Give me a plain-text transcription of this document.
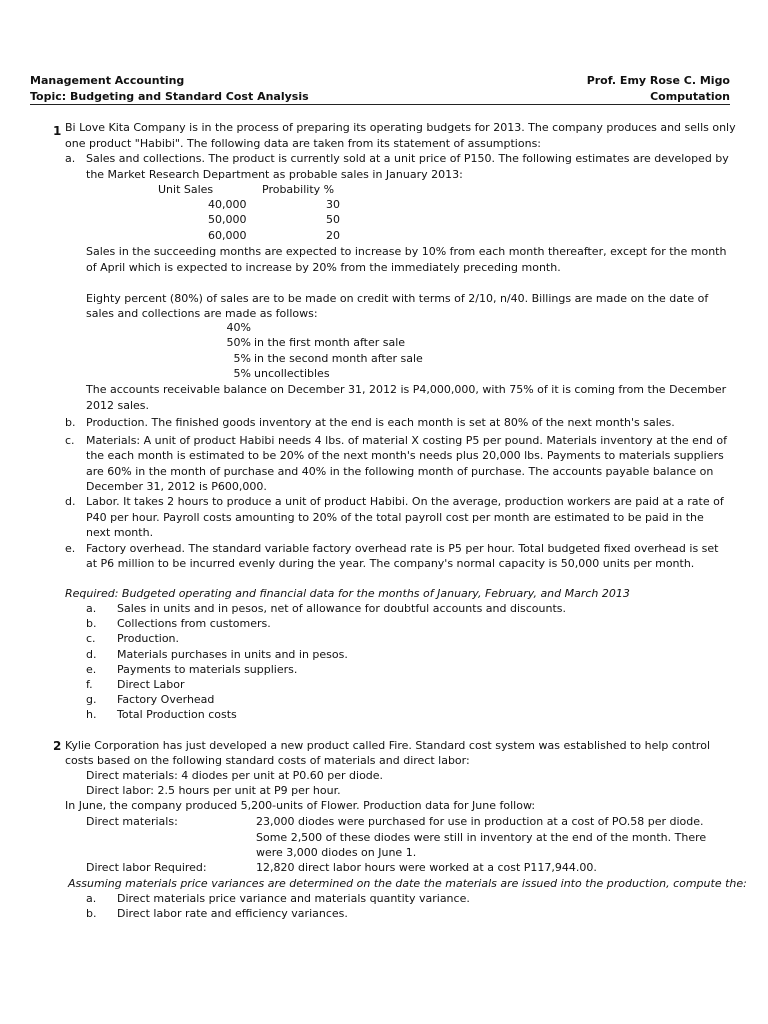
Management Accounting
Topic: Budgeting and Standard Cost Analysis
Prof. Emy Rose C. Migo
Computation
1 Bi Love Kita Company is in the process of preparing its operating budgets for 2013. The company produces and sells only
one product "Habibi". The following data are taken from its statement of assumptions:
a. Sales and collections. The product is currently sold at a unit price of P150. The following estimates are developed by
the Market Research Department as probable sales in January 2013:
Unit Sales	Probability %
40,000	30
50,000	50
60,000	20
Sales in the succeeding months are expected to increase by 10% from each month thereafter, except for the month
of April which is expected to increase by 20% from the immediately preceding month.
Eighty percent (80%) of sales are to be made on credit with terms of 2/10, n/40. Billings are made on the date of
sales and collections are made as follows:
40%
50% in the first month after sale
5% in the second month after sale
5% uncollectibles
The accounts receivable balance on December 31, 2012 is P4,000,000, with 75% of it is coming from the December
2012 sales.
b. Production. The finished goods inventory at the end is each month is set at 80% of the next month's sales.
c. Materials: A unit of product Habibi needs 4 lbs. of material X costing P5 per pound. Materials inventory at the end of
the each month is estimated to be 20% of the next month's needs plus 20,000 lbs. Payments to materials suppliers
are 60% in the month of purchase and 40% in the following month of purchase. The accounts payable balance on
December 31, 2012 is P600,000.
d. Labor. It takes 2 hours to produce a unit of product Habibi. On the average, production workers are paid at a rate of
P40 per hour. Payroll costs amounting to 20% of the total payroll cost per month are estimated to be paid in the
next month.
e. Factory overhead. The standard variable factory overhead rate is P5 per hour. Total budgeted fixed overhead is set
at P6 million to be incurred evenly during the year. The company's normal capacity is 50,000 units per month.
Required: Budgeted operating and financial data for the months of January, February, and March 2013
a. Sales in units and in pesos, net of allowance for doubtful accounts and discounts.
b. Collections from customers.
c. Production.
d. Materials purchases in units and in pesos.
e. Payments to materials suppliers.
f. Direct Labor
g. Factory Overhead
h. Total Production costs
2 Kylie Corporation has just developed a new product called Fire. Standard cost system was established to help control
costs based on the following standard costs of materials and direct labor:
Direct materials: 4 diodes per unit at P0.60 per diode.
Direct labor: 2.5 hours per unit at P9 per hour.
In June, the company produced 5,200-units of Flower. Production data for June follow:
Direct materials:	23,000 diodes were purchased for use in production at a cost of PO.58 per diode.
Some 2,500 of these diodes were still in inventory at the end of the month. There
were 3,000 diodes on June 1.
Direct labor Required:	12,820 direct labor hours were worked at a cost P117,944.00.
Assuming materials price variances are determined on the date the materials are issued into the production, compute the:
a. Direct materials price variance and materials quantity variance.
b. Direct labor rate and efficiency variances.
